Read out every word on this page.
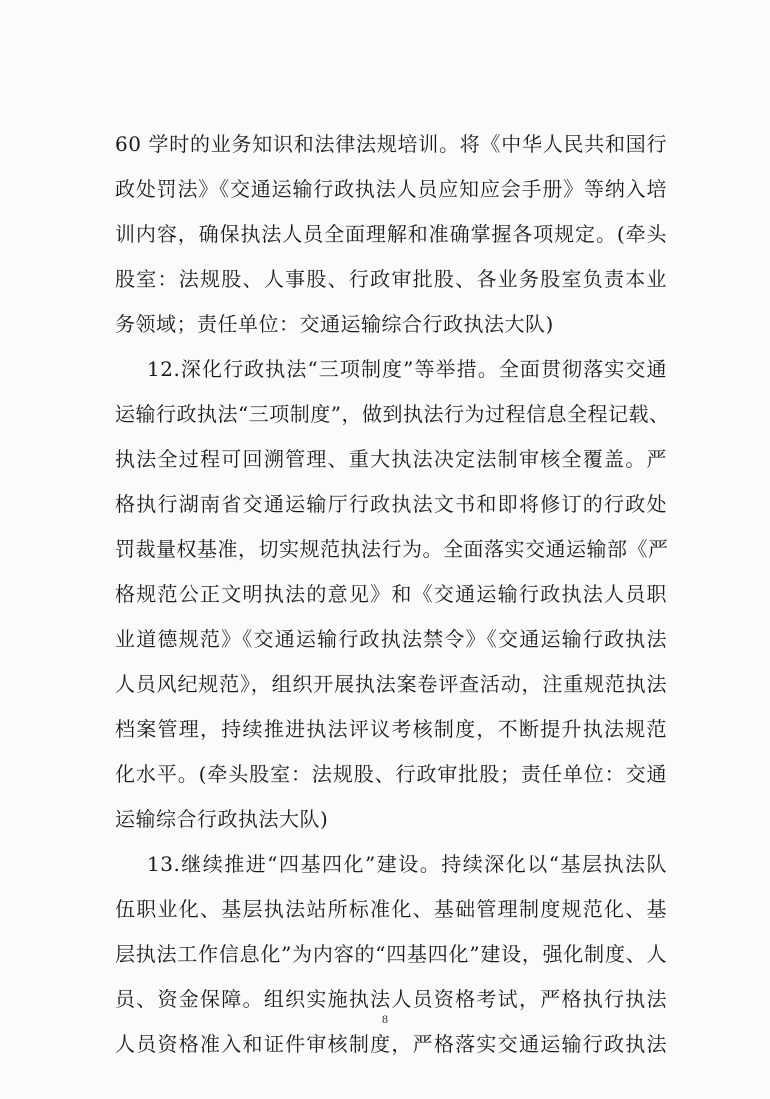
60 学时的业务知识和法律法规培训。将《中华人民共和国行
政处罚法》《交通运输行政执法人员应知应会手册》等纳入培
训内容，确保执法人员全面理解和准确掌握各项规定。(牵头
股室：法规股、人事股、行政审批股、各业务股室负责本业
务领域；责任单位：交通运输综合行政执法大队)
12.深化行政执法“三项制度”等举措。全面贯彻落实交通
运输行政执法“三项制度”，做到执法行为过程信息全程记载、
执法全过程可回溯管理、重大执法决定法制审核全覆盖。严
格执行湖南省交通运输厅行政执法文书和即将修订的行政处
罚裁量权基准，切实规范执法行为。全面落实交通运输部《严
格规范公正文明执法的意见》和《交通运输行政执法人员职
业道德规范》《交通运输行政执法禁令》《交通运输行政执法
人员风纪规范》，组织开展执法案卷评查活动，注重规范执法
档案管理，持续推进执法评议考核制度，不断提升执法规范
化水平。(牵头股室：法规股、行政审批股；责任单位：交通
运输综合行政执法大队)
13.继续推进“四基四化”建设。持续深化以“基层执法队
伍职业化、基层执法站所标准化、基础管理制度规范化、基
层执法工作信息化”为内容的“四基四化”建设，强化制度、人
员、资金保障。组织实施执法人员资格考试，严格执行执法
人员资格准入和证件审核制度，严格落实交通运输行政执法
8
